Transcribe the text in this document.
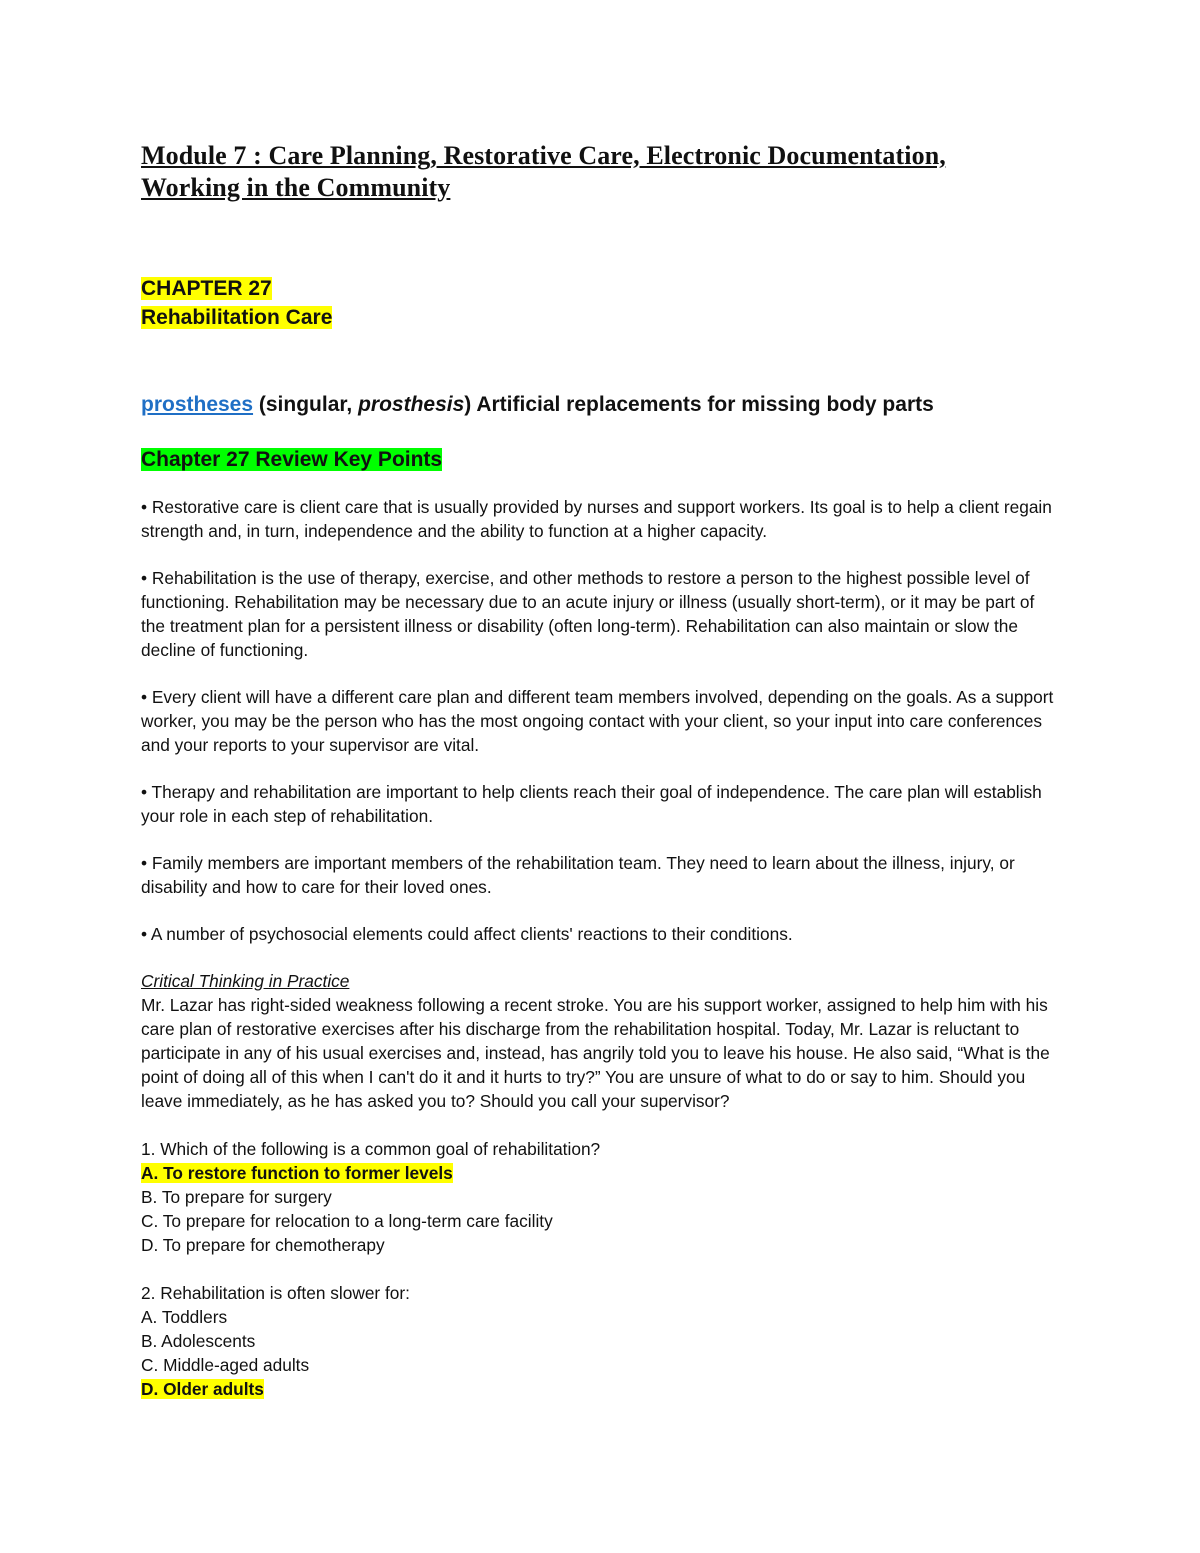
Module 7 : Care Planning, Restorative Care, Electronic Documentation,
Working in the Community
CHAPTER 27
Rehabilitation Care
prostheses (singular, prosthesis) Artificial replacements for missing body parts
Chapter 27 Review Key Points

• Restorative care is client care that is usually provided by nurses and support workers. Its goal is to help a client regain strength and, in turn, independence and the ability to function at a higher capacity.

• Rehabilitation is the use of therapy, exercise, and other methods to restore a person to the highest possible level of functioning. Rehabilitation may be necessary due to an acute injury or illness (usually short-term), or it may be part of the treatment plan for a persistent illness or disability (often long-term). Rehabilitation can also maintain or slow the decline of functioning.

• Every client will have a different care plan and different team members involved, depending on the goals. As a support worker, you may be the person who has the most ongoing contact with your client, so your input into care conferences and your reports to your supervisor are vital.

• Therapy and rehabilitation are important to help clients reach their goal of independence. The care plan will establish your role in each step of rehabilitation.

• Family members are important members of the rehabilitation team. They need to learn about the illness, injury, or disability and how to care for their loved ones.

• A number of psychosocial elements could affect clients' reactions to their conditions.

Critical Thinking in Practice
Mr. Lazar has right-sided weakness following a recent stroke. You are his support worker, assigned to help him with his care plan of restorative exercises after his discharge from the rehabilitation hospital. Today, Mr. Lazar is reluctant to participate in any of his usual exercises and, instead, has angrily told you to leave his house. He also said, “What is the point of doing all of this when I can't do it and it hurts to try?” You are unsure of what to do or say to him. Should you leave immediately, as he has asked you to? Should you call your supervisor?
1. Which of the following is a common goal of rehabilitation?
A. To restore function to former levels
B. To prepare for surgery
C. To prepare for relocation to a long-term care facility
D. To prepare for chemotherapy
2. Rehabilitation is often slower for:
A. Toddlers
B. Adolescents
C. Middle-aged adults
D. Older adults
